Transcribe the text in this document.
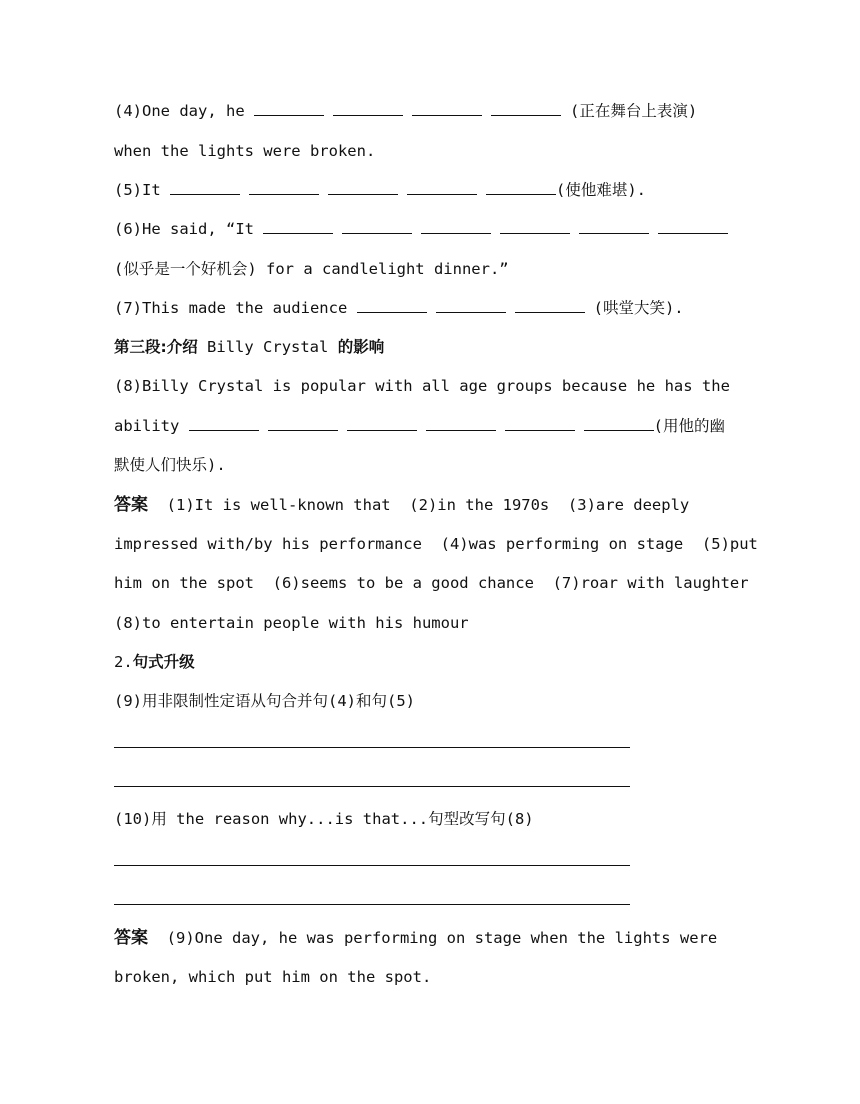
(4)One day, he	(正在舞台上表演)
when the lights were broken.
(5)It	(使他难堪).
(6)He said, “It
(似乎是一个好机会) for a candlelight dinner.”
(7)This made the audience	(哄堂大笑).
第三段:介绍 Billy Crystal 的影响
(8)Billy Crystal is popular with all age groups because he has the
ability	(用他的幽
默使人们快乐).
答案  (1)It is well-known that  (2)in the 1970s  (3)are deeply
impressed with/by his performance  (4)was performing on stage  (5)put
him on the spot  (6)seems to be a good chance  (7)roar with laughter
(8)to entertain people with his humour
2.句式升级
(9)用非限制性定语从句合并句(4)和句(5)
(10)用 the reason why...is that...句型改写句(8)
答案  (9)One day, he was performing on stage when the lights were
broken, which put him on the spot.
